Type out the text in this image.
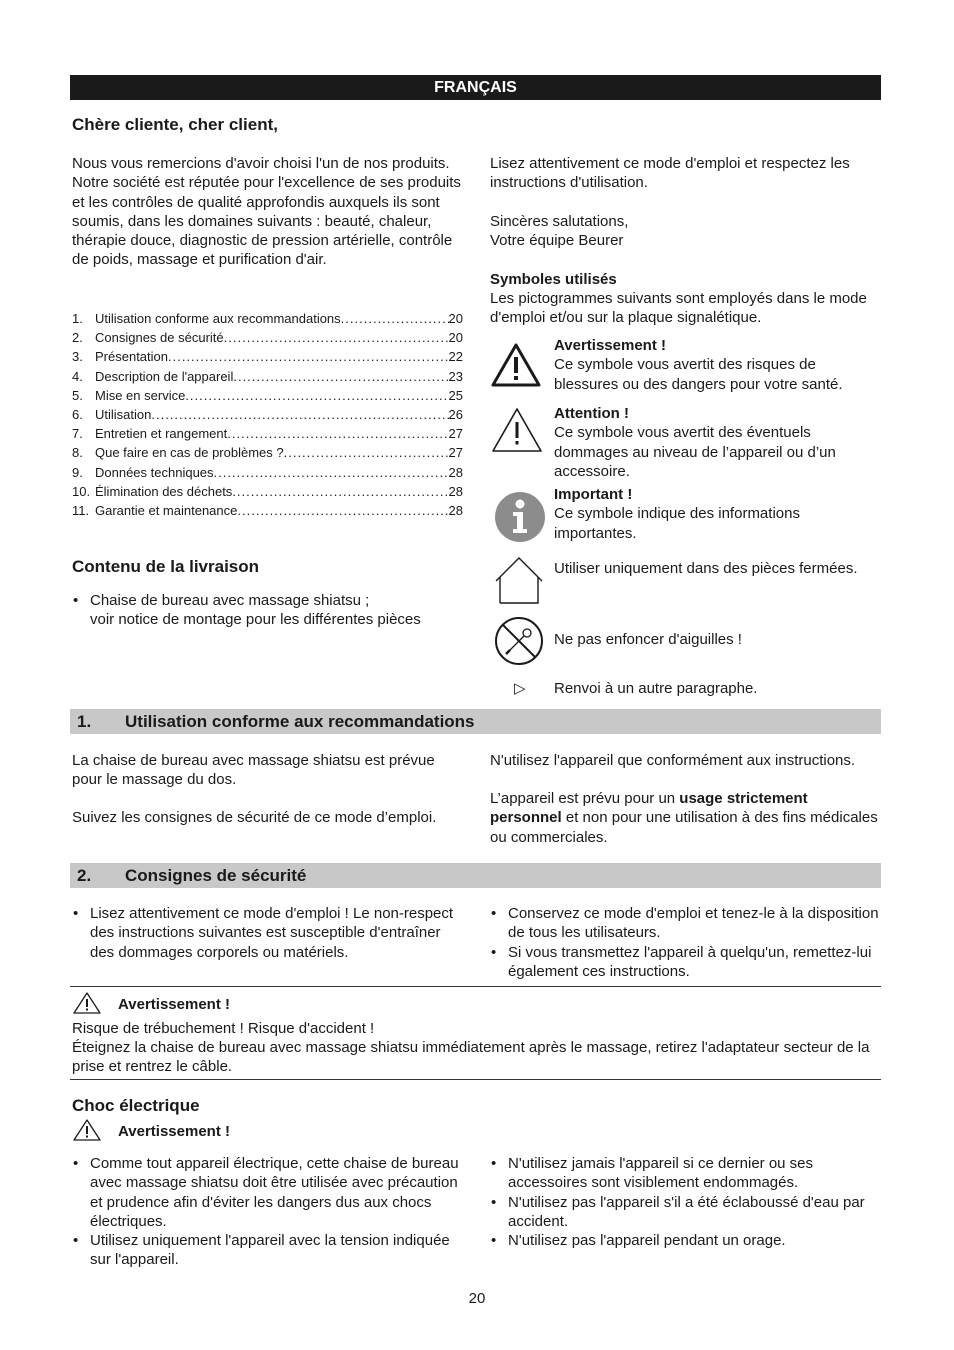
FRANÇAIS
Chère cliente, cher client,

Nous vous remercions d'avoir choisi l'un de nos produits. Notre société est réputée pour l'excellence de ses produits et les contrôles de qualité approfondis auxquels ils sont soumis, dans les domaines suivants : beauté, chaleur, thérapie douce, diagnostic de pression artérielle, contrôle de poids, massage et purification d'air.

Lisez attentivement ce mode d'emploi et respectez les instructions d'utilisation.

Sincères salutations,

Votre équipe Beurer

1. Utilisation conforme aux recommandations .....	20
2. Consignes de sécurité .....	20
3. Présentation .....	22
4. Description de l'appareil .....	23
5. Mise en service .....	25
6. Utilisation .....	26
7. Entretien et rangement .....	27
8. Que faire en cas de problèmes ? .....	27
9. Données techniques .....	28
10. Élimination des déchets .....	28
11. Garantie et maintenance .....	28
Contenu de la livraison
• Chaise de bureau avec massage shiatsu ;
voir notice de montage pour les différentes pièces
Symboles utilisés

Les pictogrammes suivants sont employés dans le mode d'emploi et/ou sur la plaque signalétique.

Avertissement !

Ce symbole vous avertit des risques de blessures ou des dangers pour votre santé.

Attention !

Ce symbole vous avertit des éventuels dommages au niveau de l’appareil ou d’un accessoire.

Important !

Ce symbole indique des informations importantes.

Utiliser uniquement dans des pièces fermées.

Ne pas enfoncer d'aiguilles !

▷ Renvoi à un autre paragraphe.

1. Utilisation conforme aux recommandations

La chaise de bureau avec massage shiatsu est prévue pour le massage du dos.

Suivez les consignes de sécurité de ce mode d’emploi.

N'utilisez l'appareil que conformément aux instructions.

L’appareil est prévu pour un usage strictement personnel et non pour une utilisation à des fins médicales ou commerciales.

2. Consignes de sécurité
• Lisez attentivement ce mode d'emploi ! Le non-respect des instructions suivantes est susceptible d'entraîner des dommages corporels ou matériels.
• Conservez ce mode d'emploi et tenez-le à la disposition de tous les utilisateurs.
• Si vous transmettez l'appareil à quelqu'un, remettez-lui également ces instructions.
Avertissement !

Risque de trébuchement ! Risque d'accident !

Éteignez la chaise de bureau avec massage shiatsu immédiatement après le massage, retirez l'adaptateur secteur de la prise et rentrez le câble.

Choc électrique
Avertissement !
• Comme tout appareil électrique, cette chaise de bureau avec massage shiatsu doit être utilisée avec précaution et prudence afin d'éviter les dangers dus aux chocs électriques.
• Utilisez uniquement l'appareil avec la tension indiquée sur l'appareil.
• N'utilisez jamais l'appareil si ce dernier ou ses accessoires sont visiblement endommagés.
• N'utilisez pas l'appareil s'il a été éclaboussé d'eau par accident.
• N'utilisez pas l'appareil pendant un orage.
20
